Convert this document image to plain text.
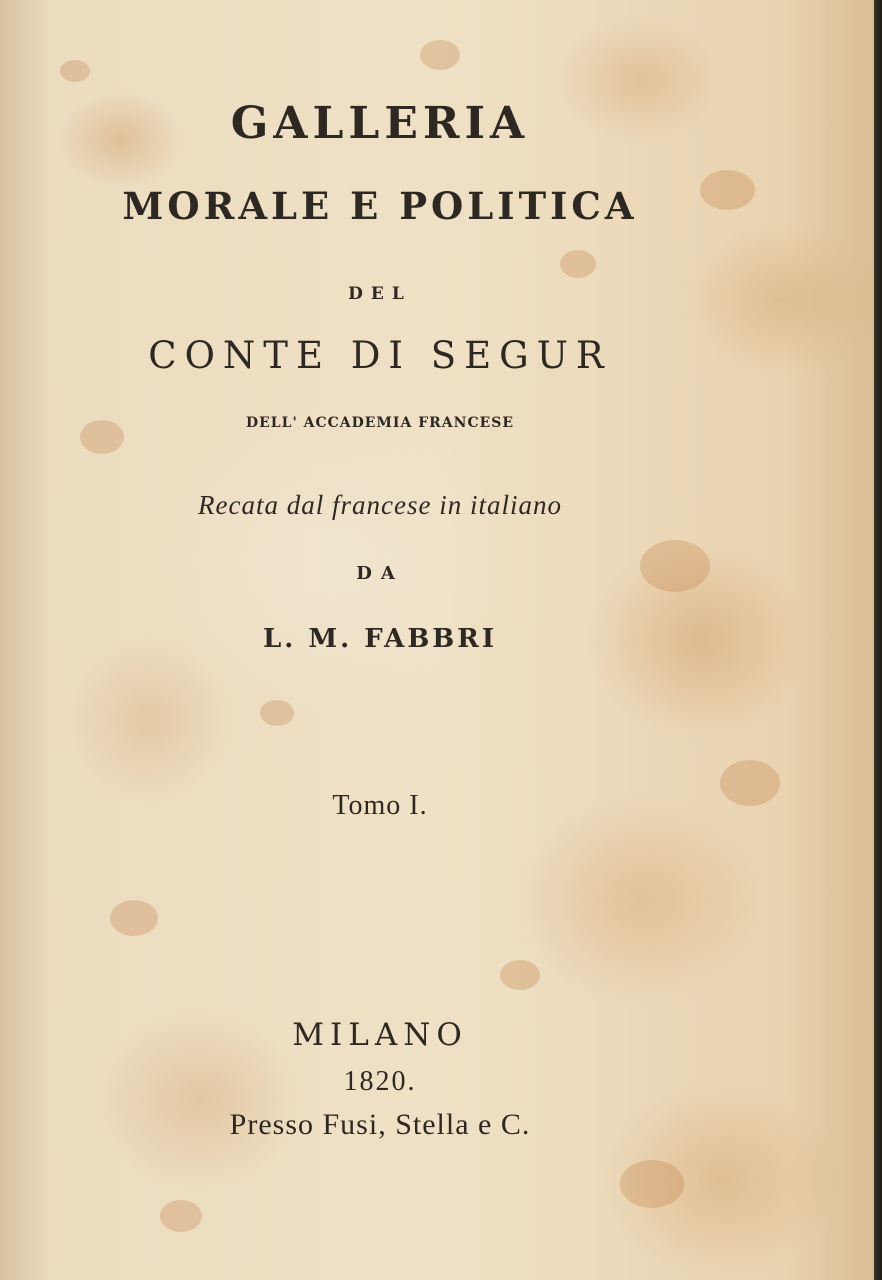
GALLERIA
MORALE E POLITICA
DEL
CONTE DI SEGUR
DELL' ACCADEMIA FRANCESE
Recata dal francese in italiano
DA
L. M. FABBRI
Tomo I.
MILANO
1820.
Presso Fusi, Stella e C.
